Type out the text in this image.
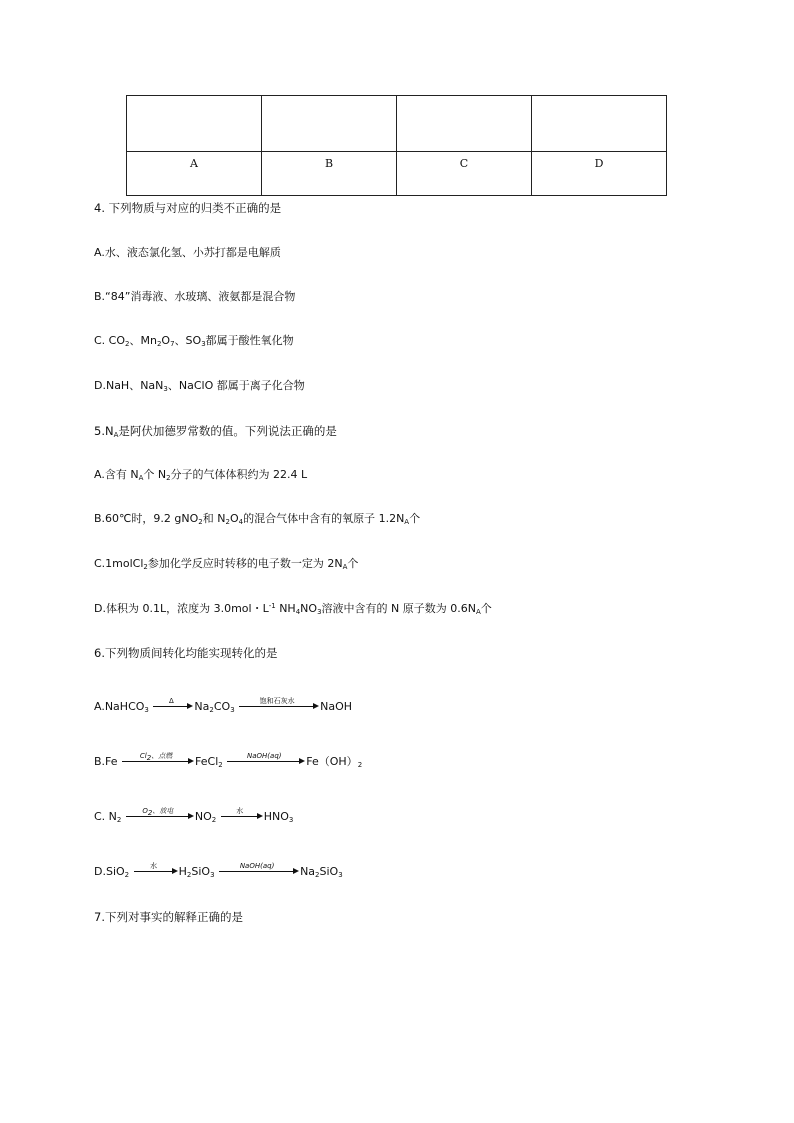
A	B	C	D
4. 下列物质与对应的归类不正确的是
A.水、液态氯化氢、小苏打都是电解质
B.“84”消毒液、水玻璃、液氨都是混合物
C. $CO_2$、$Mn_2O_7$、$SO_3$都属于酸性氧化物
D.NaH、NaN$_3$、NaClO 都属于离子化合物
$5.N_A$是阿伏加德罗常数的值。下列说法正确的是
A.含有 $N_A$个 $N_2$分子的气体体积约为 22.4 L
B.60℃时，9.2 gNO$_2$和 $N_2O_4$的混合气体中含有的氧原子 $1.2N_A$个
C.1molCl$_2$参加化学反应时转移的电子数一定为 $2N_A$个
D.体积为 0.1L，浓度为 3.0mol・$L^{-1}$ $NH_4NO_3$溶液中含有的 N 原子数为 $0.6N_A$个
6.下列物质间转化均能实现转化的是
A.NaHCO$_3$
Δ	$Na_2CO_3$
饱和石灰水	NaOH
B.Fe	$Cl_2$、点燃	FeCl$_2$
NaOH(aq)	$Fe(OH)_2$
C. $N_2$
$O_2$、放电	$NO_2$
水	$HNO_3$
D.SiO$_2$
水	$H_2SiO_3$
NaOH(aq)	$Na_2SiO_3$
7.下列对事实的解释正确的是
